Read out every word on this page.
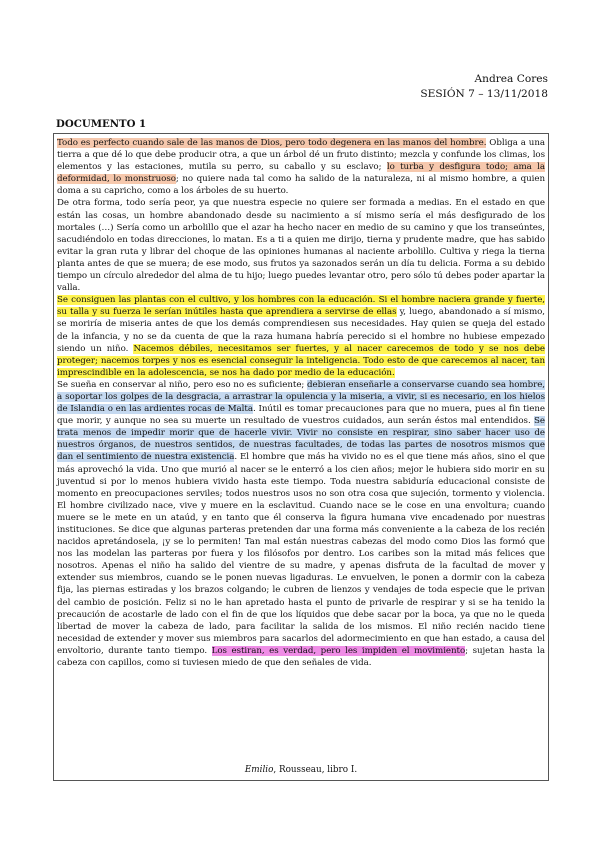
Andrea Cores
SESIÓN 7 – 13/11/2018
DOCUMENTO 1

Todo es perfecto cuando sale de las manos de Dios, pero todo degenera en las manos del hombre. Obliga a una tierra a que dé lo que debe producir otra, a que un árbol dé un fruto distinto; mezcla y confunde los climas, los elementos y las estaciones, mutila su perro, su caballo y su esclavo; lo turba y desfigura todo; ama la deformidad, lo monstruoso; no quiere nada tal como ha salido de la naturaleza, ni al mismo hombre, a quien doma a su capricho, como a los árboles de su huerto.

De otra forma, todo sería peor, ya que nuestra especie no quiere ser formada a medias. En el estado en que están las cosas, un hombre abandonado desde su nacimiento a sí mismo sería el más desfigurado de los mortales (…) Sería como un arbolillo que el azar ha hecho nacer en medio de su camino y que los transeúntes, sacudiéndolo en todas direcciones, lo matan. Es a ti a quien me dirijo, tierna y prudente madre, que has sabido evitar la gran ruta y librar del choque de las opiniones humanas al naciente arbolillo. Cultiva y riega la tierna planta antes de que se muera; de ese modo, sus frutos ya sazonados serán un día tu delicia. Forma a su debido tiempo un círculo alrededor del alma de tu hijo; luego puedes levantar otro, pero sólo tú debes poder apartar la valla.

Se consiguen las plantas con el cultivo, y los hombres con la educación. Si el hombre naciera grande y fuerte, su talla y su fuerza le serían inútiles hasta que aprendiera a servirse de ellas y, luego, abandonado a sí mismo, se moriría de miseria antes de que los demás comprendiesen sus necesidades. Hay quien se queja del estado de la infancia, y no se da cuenta de que la raza humana habría perecido si el hombre no hubiese empezado siendo un niño. Nacemos débiles, necesitamos ser fuertes, y al nacer carecemos de todo y se nos debe proteger; nacemos torpes y nos es esencial conseguir la inteligencia. Todo esto de que carecemos al nacer, tan imprescindible en la adolescencia, se nos ha dado por medio de la educación.

Se sueña en conservar al niño, pero eso no es suficiente; debieran enseñarle a conservarse cuando sea hombre, a soportar los golpes de la desgracia, a arrastrar la opulencia y la miseria, a vivir, si es necesario, en los hielos de Islandia o en las ardientes rocas de Malta. Inútil es tomar precauciones para que no muera, pues al fin tiene que morir, y aunque no sea su muerte un resultado de vuestros cuidados, aun serán éstos mal entendidos. Se trata menos de impedir morir que de hacerle vivir. Vivir no consiste en respirar, sino saber hacer uso de nuestros órganos, de nuestros sentidos, de nuestras facultades, de todas las partes de nosotros mismos que dan el sentimiento de nuestra existencia. El hombre que más ha vivido no es el que tiene más años, sino el que más aprovechó la vida. Uno que murió al nacer se le enterró a los cien años; mejor le hubiera sido morir en su juventud si por lo menos hubiera vivido hasta este tiempo. Toda nuestra sabiduría educacional consiste de momento en preocupaciones serviles; todos nuestros usos no son otra cosa que sujeción, tormento y violencia. El hombre civilizado nace, vive y muere en la esclavitud. Cuando nace se le cose en una envoltura; cuando muere se le mete en un ataúd, y en tanto que él conserva la figura humana vive encadenado por nuestras instituciones. Se dice que algunas parteras pretenden dar una forma más conveniente a la cabeza de los recién nacidos apretándosela, ¡y se lo permiten! Tan mal están nuestras cabezas del modo como Dios las formó que nos las modelan las parteras por fuera y los filósofos por dentro. Los caribes son la mitad más felices que nosotros. Apenas el niño ha salido del vientre de su madre, y apenas disfruta de la facultad de mover y extender sus miembros, cuando se le ponen nuevas ligaduras. Le envuelven, le ponen a dormir con la cabeza fija, las piernas estiradas y los brazos colgando; le cubren de lienzos y vendajes de toda especie que le privan del cambio de posición. Feliz si no le han apretado hasta el punto de privarle de respirar y si se ha tenido la precaución de acostarle de lado con el fin de que los líquidos que debe sacar por la boca, ya que no le queda libertad de mover la cabeza de lado, para facilitar la salida de los mismos. El niño recién nacido tiene necesidad de extender y mover sus miembros para sacarlos del adormecimiento en que han estado, a causa del envoltorio, durante tanto tiempo. Los estiran, es verdad, pero les impiden el movimiento; sujetan hasta la cabeza con capillos, como si tuviesen miedo de que den señales de vida.

Emilio, Rousseau, libro I.
